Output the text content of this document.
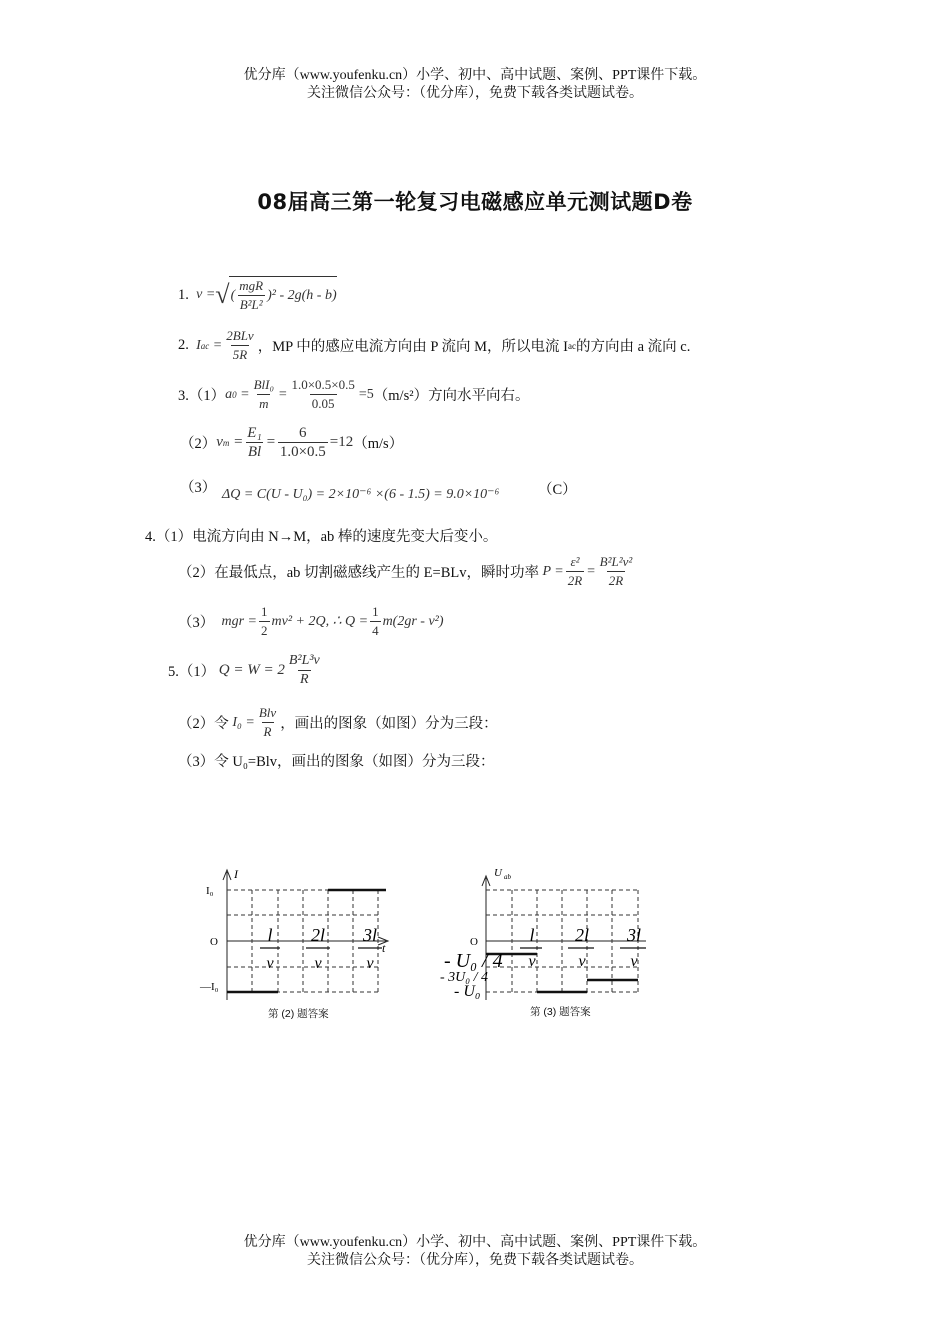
优分库（www.youfenku.cn）小学、初中、高中试题、案例、PPT课件下载。
关注微信公众号：（优分库），免费下载各类试题试卷。
08届高三第一轮复习电磁感应单元测试题D卷
1.
v = √ ( $\frac{\text{mgR}}{\text{B²L²}} )^2 - 2g(h - b)$
2.
I ac
= $\frac{\text{2BLv}}{5R}$ ，MP 中的感应电流方向由 P 流向 M，所以电流 I ac 的方向由 a 流向 c.
3.（1） a $0 = \frac{\text{BlI₀}}{m} = \frac{1.0\times 0.5\times 0.5}{0.05} =5$ （m/s²）方向水平向右。
（2） v $m = \frac{\text{E₁}}{Bl} = \frac{6}{1.0\times 0.5} =12$ （m/s）
（3） ΔQ = C(U - U₀) = 2×10⁻⁶ ×(6 - 1.5) = 9.0×10⁻⁶	（C）
4.（1）电流方向由 N→M，ab 棒的速度先变大后变小。
（2）在最低点，ab 切割磁感线产生的 E=BLv，瞬时功率
$P = \frac{\text{ε²}}{2R} = \frac{\text{B²L²v²}}{2R}$
（3）
mgr = $\frac{1}{2} mv^2 + 2Q$, ∴ $Q = \frac{1}{4} m(2gr - v^2)$
5.（1）
$Q = W = 2 \frac{\text{B²L³v}}{R}$
（2）令
$I_0 = \frac{\text{Blv}}{R}$ ，画出的图象（如图）分为三段：
（3）令 U₀=Blv，画出的图象（如图）分为三段：
I
t
I₀
O
—I₀
l
v
2l
v
3l
v
第 (2) 题答案
U ab
O
- U₀ / 4
- 3U₀ / 4
- U₀
l
v
2l
v
3l
v
第 (3) 题答案
优分库（www.youfenku.cn）小学、初中、高中试题、案例、PPT课件下载。
关注微信公众号：（优分库），免费下载各类试题试卷。
